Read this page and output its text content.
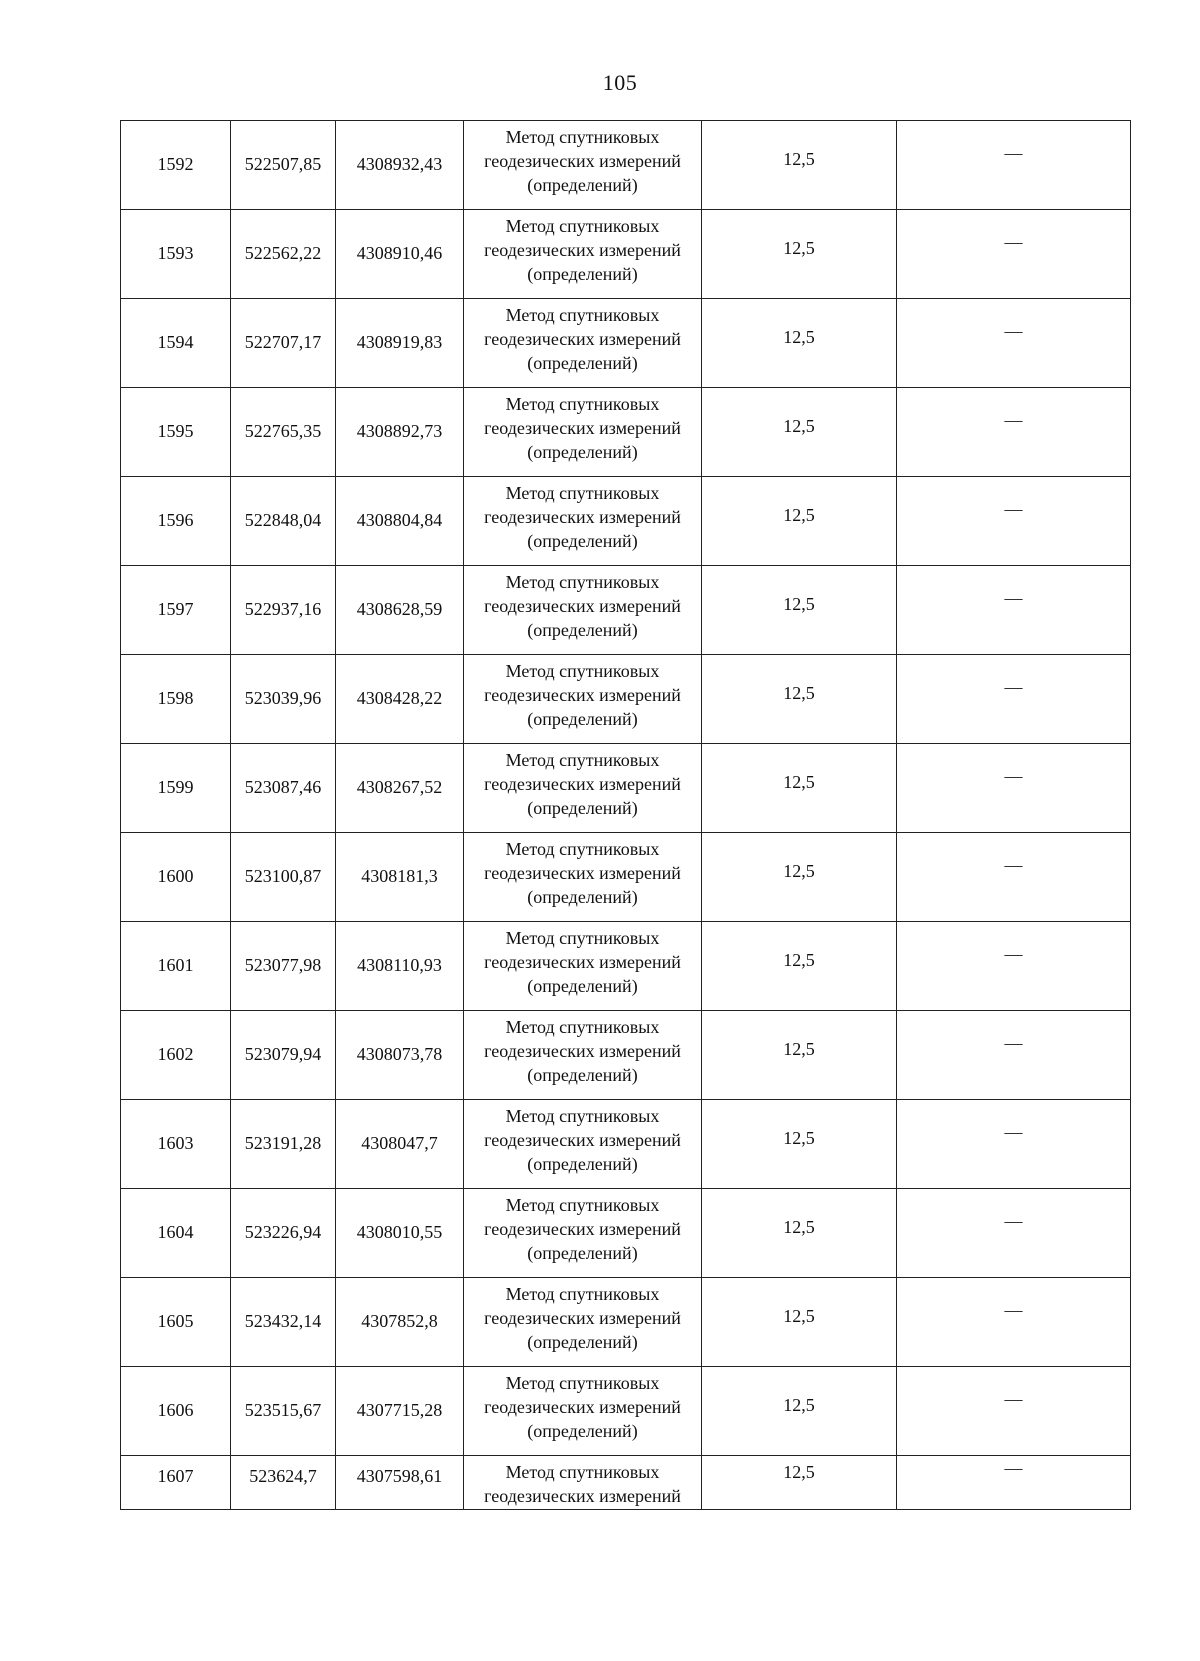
105
1592	522507,85	4308932,43	Метод спутниковых
геодезических измерений
(определений)	12,5	—

1593	522562,22	4308910,46	Метод спутниковых
геодезических измерений
(определений)	12,5	—

1594	522707,17	4308919,83	Метод спутниковых
геодезических измерений
(определений)	12,5	—

1595	522765,35	4308892,73	Метод спутниковых
геодезических измерений
(определений)	12,5	—

1596	522848,04	4308804,84	Метод спутниковых
геодезических измерений
(определений)	12,5	—

1597	522937,16	4308628,59	Метод спутниковых
геодезических измерений
(определений)	12,5	—

1598	523039,96	4308428,22	Метод спутниковых
геодезических измерений
(определений)	12,5	—

1599	523087,46	4308267,52	Метод спутниковых
геодезических измерений
(определений)	12,5	—

1600	523100,87	4308181,3	Метод спутниковых
геодезических измерений
(определений)	12,5	—

1601	523077,98	4308110,93	Метод спутниковых
геодезических измерений
(определений)	12,5	—

1602	523079,94	4308073,78	Метод спутниковых
геодезических измерений
(определений)	12,5	—

1603	523191,28	4308047,7	Метод спутниковых
геодезических измерений
(определений)	12,5	—

1604	523226,94	4308010,55	Метод спутниковых
геодезических измерений
(определений)	12,5	—

1605	523432,14	4307852,8	Метод спутниковых
геодезических измерений
(определений)	12,5	—

1606	523515,67	4307715,28	Метод спутниковых
геодезических измерений
(определений)	12,5	—

1607	523624,7	4307598,61	Метод спутниковых
геодезических измерений	12,5	—
